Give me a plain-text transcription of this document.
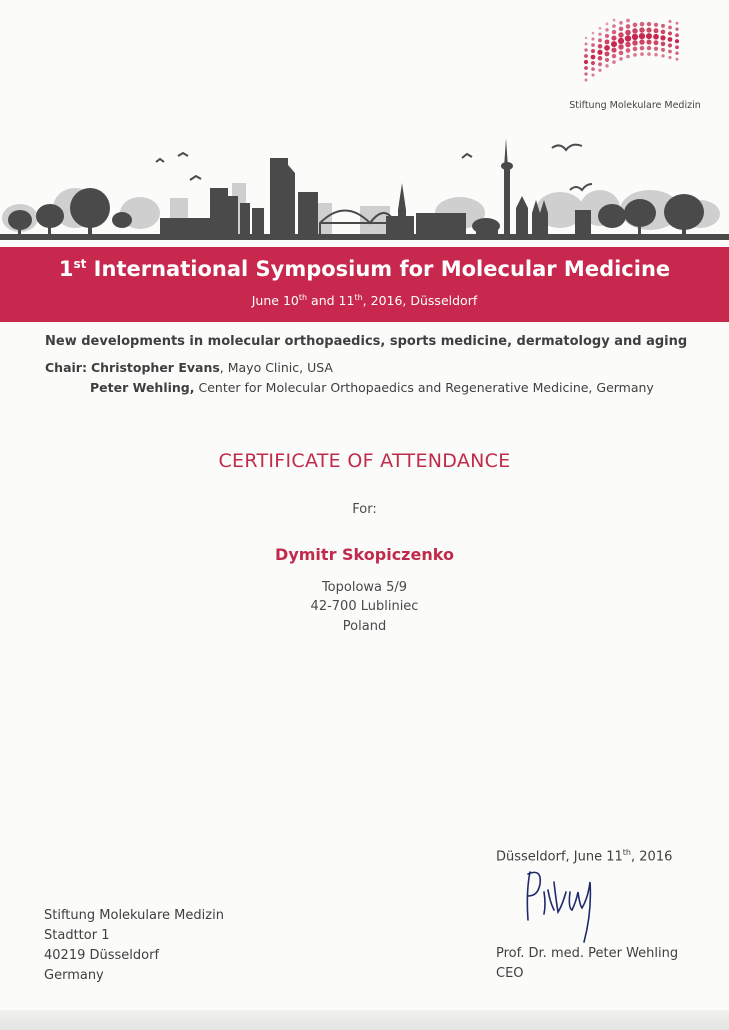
Stiftung Molekulare Medizin
1st International Symposium for Molecular Medicine
June 10th and 11th, 2016, Düsseldorf
New developments in molecular orthopaedics, sports medicine, dermatology and aging
Chair: Christopher Evans, Mayo Clinic, USA
Peter Wehling, Center for Molecular Orthopaedics and Regenerative Medicine, Germany
CERTIFICATE OF ATTENDANCE
For:
Dymitr Skopiczenko
Topolowa 5/9
42-700 Lubliniec
Poland
Düsseldorf, June 11th, 2016
Prof. Dr. med. Peter Wehling
CEO
Stiftung Molekulare Medizin
Stadttor 1
40219 Düsseldorf
Germany
